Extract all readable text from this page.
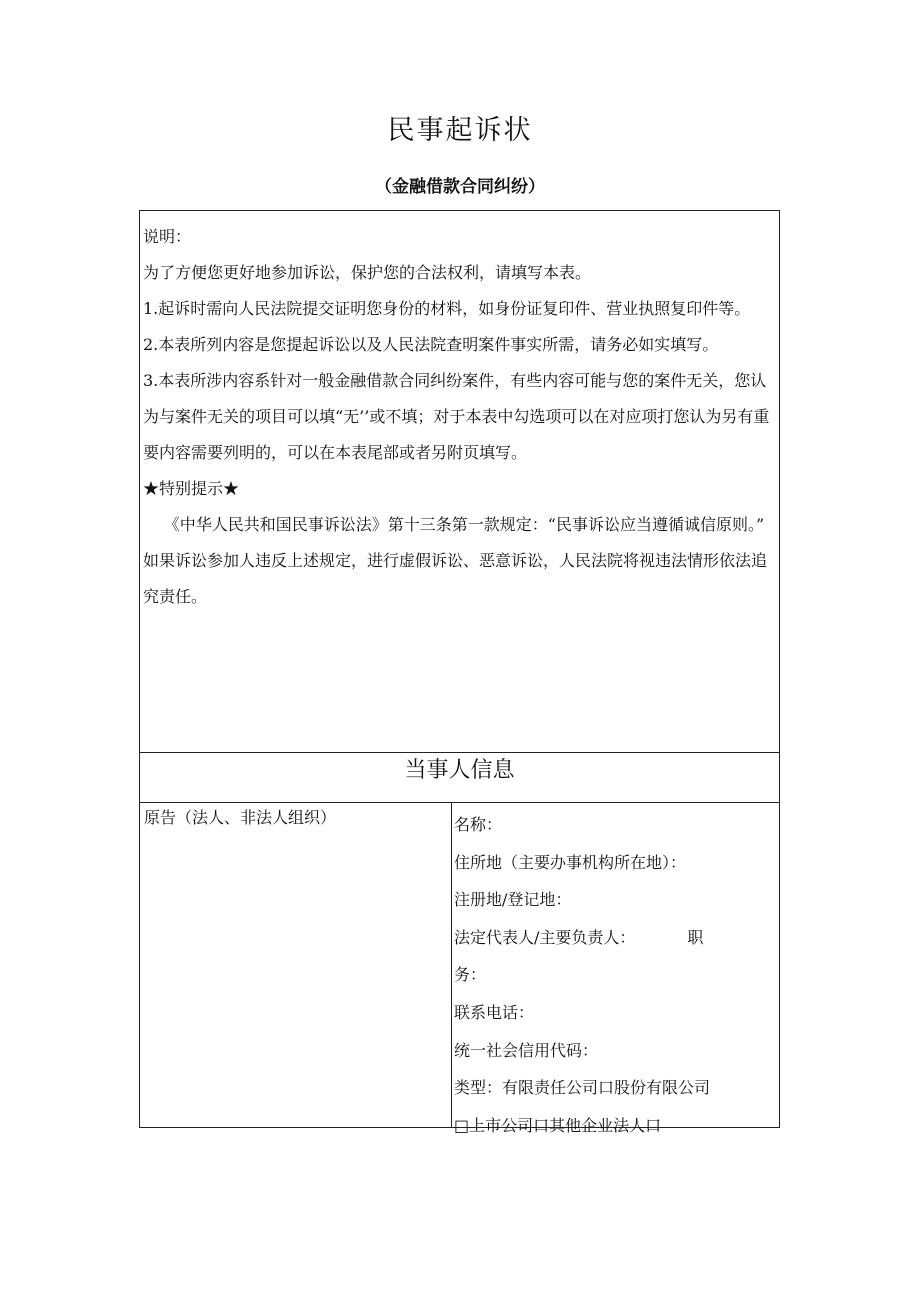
民事起诉状
（金融借款合同纠纷）

说明：

为了方便您更好地参加诉讼，保护您的合法权利，请填写本表。

1.起诉时需向人民法院提交证明您身份的材料，如身份证复印件、营业执照复印件等。

2.本表所列内容是您提起诉讼以及人民法院查明案件事实所需，请务必如实填写。

3.本表所涉内容系针对一般金融借款合同纠纷案件，有些内容可能与您的案件无关，您认为与案件无关的项目可以填“无’’或不填；对于本表中勾选项可以在对应项打您认为另有重要内容需要列明的，可以在本表尾部或者另附页填写。

★特别提示★

《中华人民共和国民事诉讼法》第十三条第一款规定：“民事诉讼应当遵循诚信原则。”

如果诉讼参加人违反上述规定，进行虚假诉讼、恶意诉讼，人民法院将视违法情形依法追究责任。

当事人信息
原告（法人、非法人组织）	名称：
住所地（主要办事机构所在地）：
注册地/登记地：
法定代表人/主要负责人：	职
务：
联系电话：
统一社会信用代码：
类型：有限责任公司口股份有限公司
□上市公司口其他企业法人口
